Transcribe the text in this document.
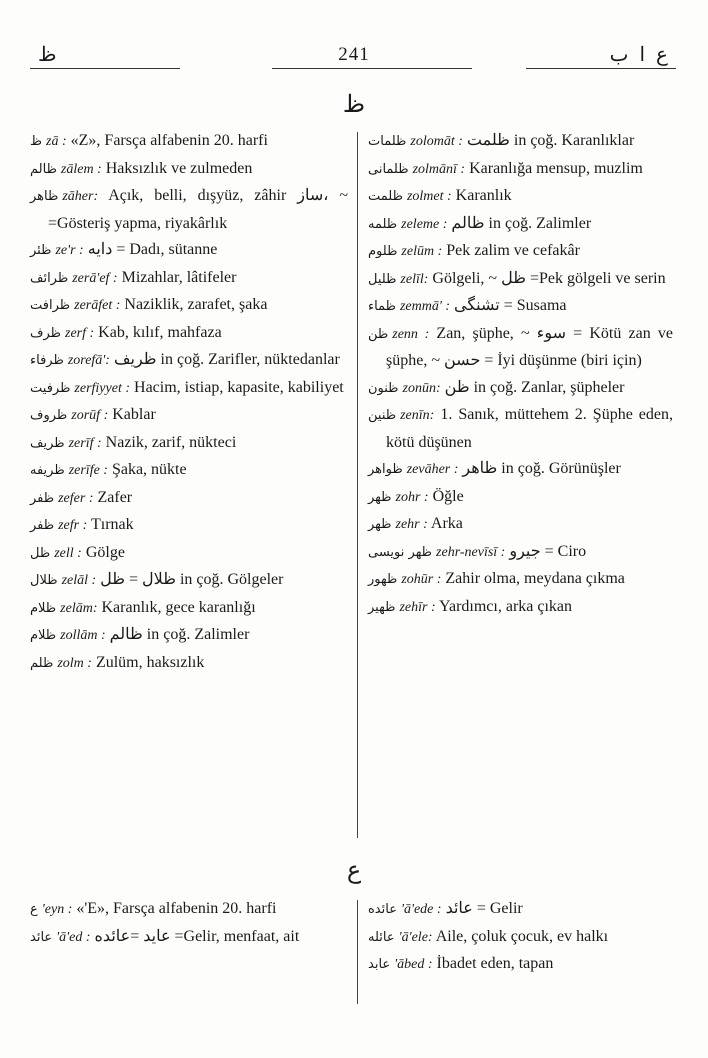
ظ	241	ع ا ب
ظ

ظ zā : «Z», Farsça alfabenin 20. harfi

ظالم zālem : Haksızlık ve zulmeden

ظاهر zāher: Açık, belli, dışyüz, zâhir ساز، ~ =Gösteriş yapma, riyakârlık

ظئر ze'r : دايه = Dadı, sütanne

ظرائف zerā'ef : Mizahlar, lâtifeler

ظرافت zerāfet : Naziklik, zarafet, şaka

ظرف zerf : Kab, kılıf, mahfaza

ظرفاء zorefā': ظريف in çoğ. Zarifler, nüktedanlar

ظرفيت zerfiyyet : Hacim, istiap, kapasite, kabiliyet

ظروف zorūf : Kablar

ظريف zerīf : Nazik, zarif, nükteci

ظريفه zerīfe : Şaka, nükte

ظفر zefer : Zafer

ظفر zefr : Tırnak

ظل zell : Gölge

ظلال zelāl : ظلال = ظل in çoğ. Gölgeler

ظلام zelām: Karanlık, gece karanlığı

ظلام zollām : ظالم in çoğ. Zalimler

ظلم zolm : Zulüm, haksızlık

ظلمات zolomāt : ظلمت in çoğ. Karanlıklar

ظلمانى zolmānī : Karanlığa mensup, muzlim

ظلمت zolmet : Karanlık

ظلمه zeleme : ظالم in çoğ. Zalimler

ظلوم zelūm : Pek zalim ve cefakâr

ظليل zelīl: Gölgeli, ~ ظل =Pek gölgeli ve serin

ظماء zemmā' : تشنگى = Susama

ظن zenn : Zan, şüphe, ~ سوء = Kötü zan ve şüphe, ~ حسن = İyi düşünme (biri için)

ظنون zonūn: ظن in çoğ. Zanlar, şüpheler

ظنين zenīn: 1. Sanık, müttehem 2. Şüphe eden, kötü düşünen

ظواهر zevāher : ظاهر in çoğ. Görünüşler

ظهر zohr : Öğle

ظهر zehr : Arka

ظهر نويسى zehr-nevīsī : جيرو = Ciro

ظهور zohūr : Zahir olma, meydana çıkma

ظهير zehīr : Yardımcı, arka çıkan

ع

ع 'eyn : «'E», Farsça alfabenin 20. harfi

عائد 'ā'ed : عايد =عائده =Gelir, menfaat, ait

عائده 'ā'ede : عائد = Gelir

عائله 'ā'ele: Aile, çoluk çocuk, ev halkı

عابد 'ābed : İbadet eden, tapan
